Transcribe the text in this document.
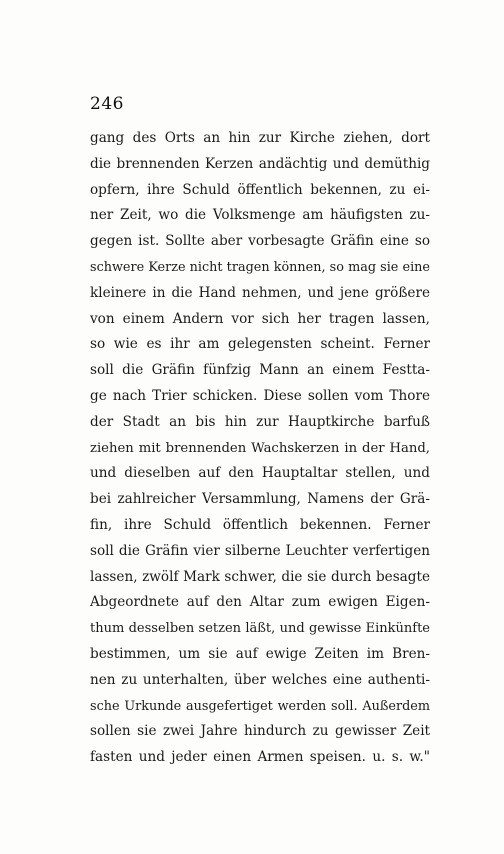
246
gang des Orts an hin zur Kirche ziehen, dort
die brennenden Kerzen andächtig und demüthig
opfern, ihre Schuld öffentlich bekennen, zu ei-
ner Zeit, wo die Volksmenge am häufigsten zu-
gegen ist. Sollte aber vorbesagte Gräfin eine so
schwere Kerze nicht tragen können, so mag sie eine
kleinere in die Hand nehmen, und jene größere
von einem Andern vor sich her tragen lassen,
so wie es ihr am gelegensten scheint. Ferner
soll die Gräfin fünfzig Mann an einem Festta-
ge nach Trier schicken. Diese sollen vom Thore
der Stadt an bis hin zur Hauptkirche barfuß
ziehen mit brennenden Wachskerzen in der Hand,
und dieselben auf den Hauptaltar stellen, und
bei zahlreicher Versammlung, Namens der Grä-
fin, ihre Schuld öffentlich bekennen. Ferner
soll die Gräfin vier silberne Leuchter verfertigen
lassen, zwölf Mark schwer, die sie durch besagte
Abgeordnete auf den Altar zum ewigen Eigen-
thum desselben setzen läßt, und gewisse Einkünfte
bestimmen, um sie auf ewige Zeiten im Bren-
nen zu unterhalten, über welches eine authenti-
sche Urkunde ausgefertiget werden soll. Außerdem
sollen sie zwei Jahre hindurch zu gewisser Zeit
fasten und jeder einen Armen speisen. u. s. w."
